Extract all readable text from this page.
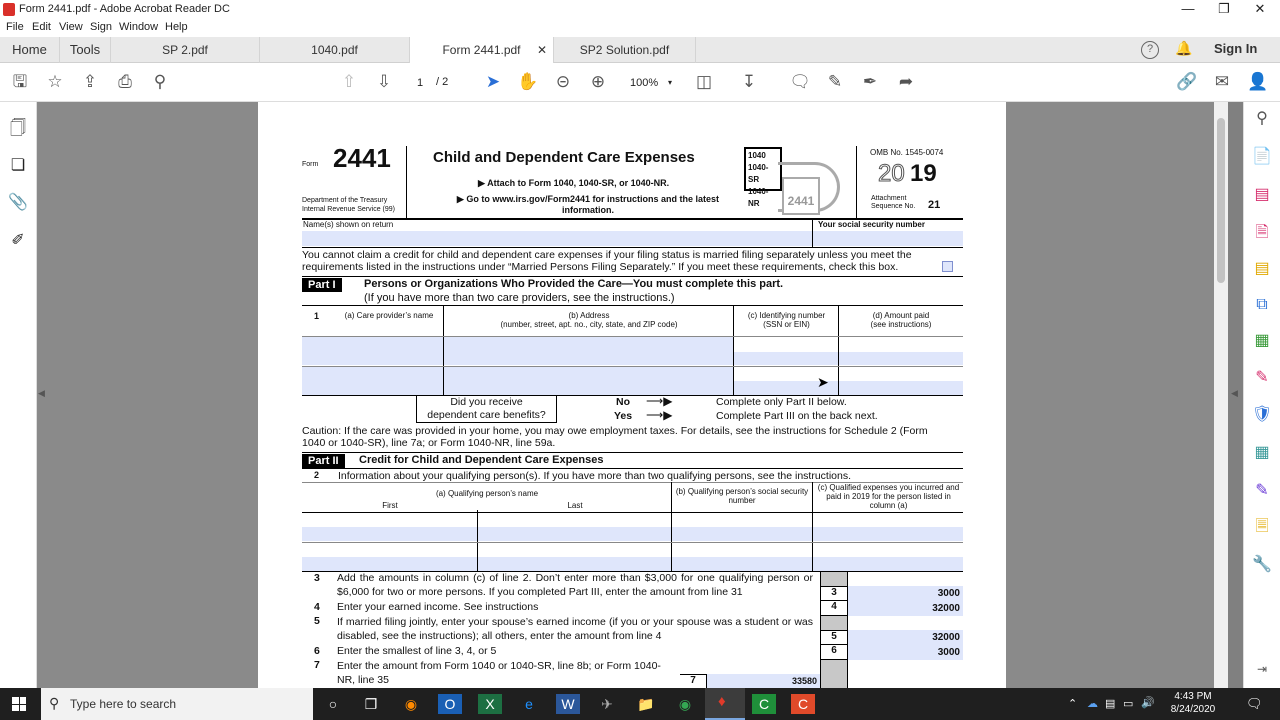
Form 2441.pdf - Adobe Acrobat Reader DC	—	❐	✕
File Edit View Sign Window Help
Home	Tools	SP 2.pdf	1040.pdf	Form 2441.pdf ✕	SP2 Solution.pdf	?	🔔 Sign In
🖫 ☆ ⇪	⎙	⚲	⇧ ⇩	1	/ 2 ➤ ✋ ⊝ ⊕	100% ▾ ◫ ↧ 🗨 ✎ ✒ ➦	🔗 ✉ 👤
🗍
❏
📎
✐
◀	◀
⚲
📄
▤
🗎
▤
⧉
▦
✎
🛡
▦
✎
🗏
🔧
⇥
Form 2441
Department of the Treasury
Internal Revenue Service (99)
Child and Dependent Care Expenses
▶ Attach to Form 1040, 1040-SR, or 1040-NR.
▶ Go to www.irs.gov/Form2441 for instructions and the latest information.
1040
1040-SR
1040-NR	2441
OMB No. 1545-0074
20 19
Attachment
Sequence No. 21
Name(s) shown on return	Your social security number
You cannot claim a credit for child and dependent care expenses if your filing status is married filing separately unless you meet the requirements listed in the instructions under “Married Persons Filing Separately.” If you meet these requirements, check this box.
Part I	Persons or Organizations Who Provided the Care—You must complete this part.
(If you have more than two care providers, see the instructions.)
1	(a) Care provider’s name	(b) Address
(number, street, apt. no., city, state, and ZIP code)
(c) Identifying number
(SSN or EIN)
(d) Amount paid
(see instructions)
Did you receive
dependent care benefits?
No
Yes
⟶▶
⟶▶
Complete only Part II below.
Complete Part III on the back next.
Caution: If the care was provided in your home, you may owe employment taxes. For details, see the instructions for Schedule 2 (Form 1040 or 1040-SR), line 7a; or Form 1040-NR, line 59a.
Part II	Credit for Child and Dependent Care Expenses
2 Information about your qualifying person(s). If you have more than two qualifying persons, see the instructions.
(a) Qualifying person’s name
First	Last
(b) Qualifying person’s social security number
(c) Qualified expenses you incurred and paid in 2019 for the person listed in column (a)
3 Add the amounts in column (c) of line 2. Don’t enter more than $3,000 for one qualifying person or $6,000 for two or more persons. If you completed Part III, enter the amount from line 31	3	3000
4 Enter your earned income. See instructions	4	32000
5 If married filing jointly, enter your spouse’s earned income (if you or your spouse was a student or was disabled, see the instructions); all others, enter the amount from line 4	5	32000
6 Enter the smallest of line 3, 4, or 5	6	3000
7 Enter the amount from Form 1040 or 1040-SR, line 8b; or Form 1040-NR, line 35	7	33580
➤
⚲ Type here to search	○	❐	◉	O	X	e	W	✈	📁	◉	♦	C	C	⌃ ☁ ▤ ▭ 🔊
4:43 PM
8/24/2020 🗨
